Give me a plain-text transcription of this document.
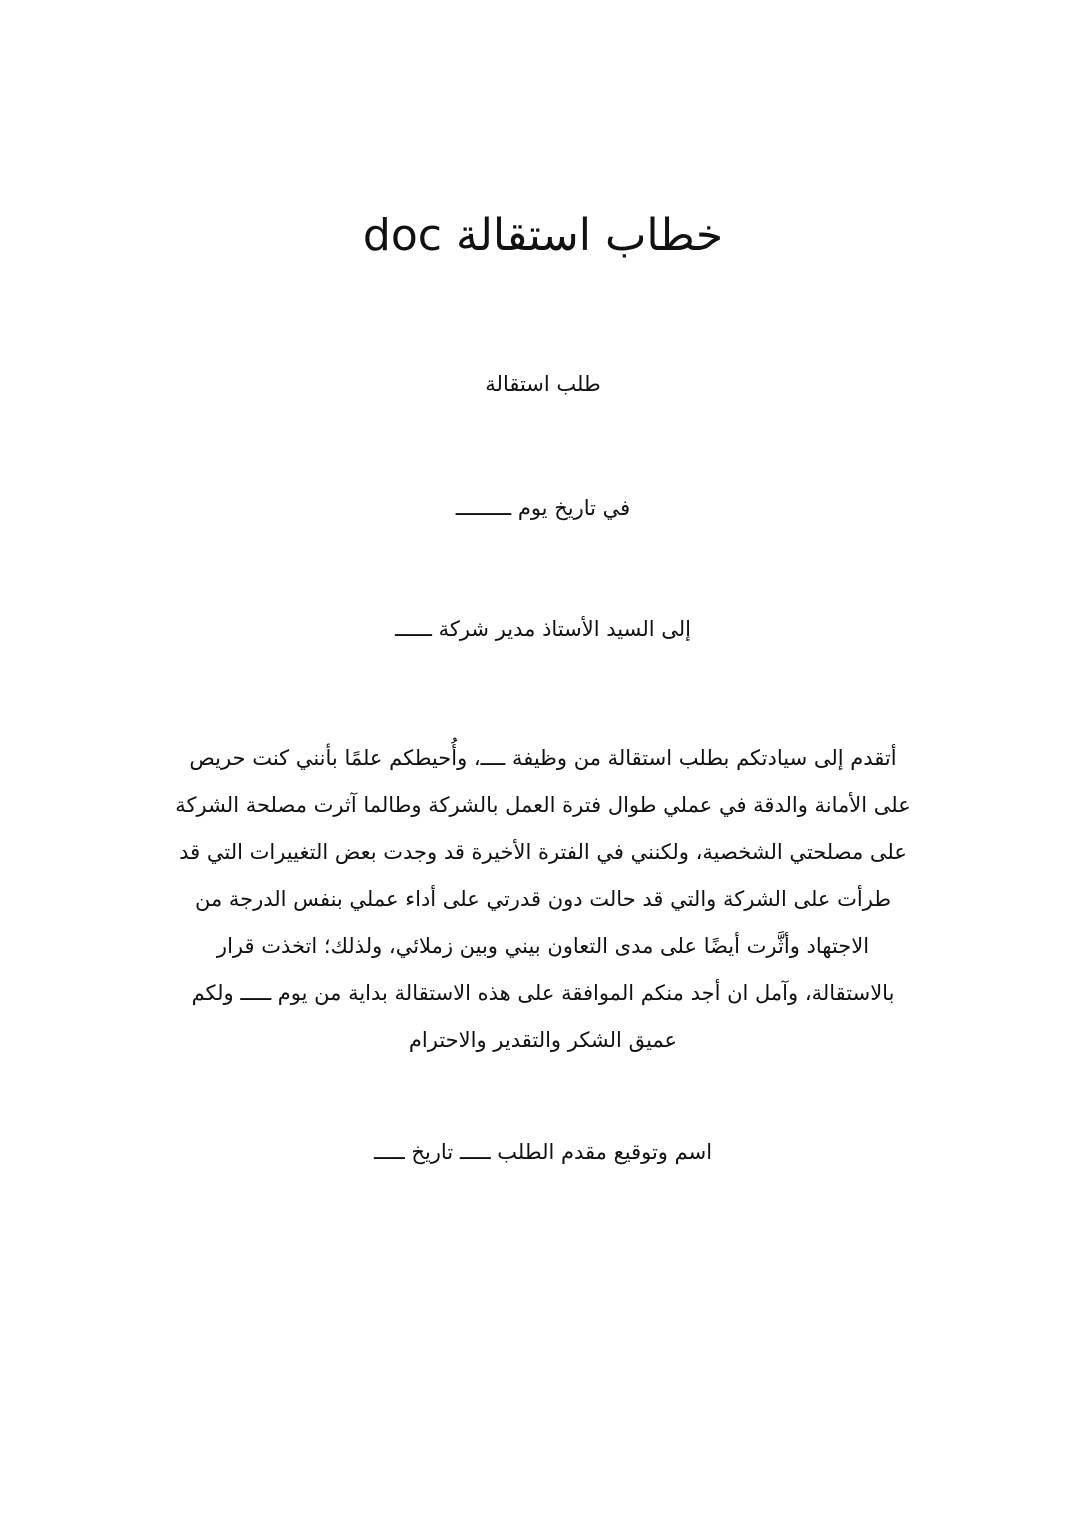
خطاب استقالة doc

طلب استقالة

في تاريخ يوم ـــــــــ

إلى السيد الأستاذ مدير شركة ــــــ

أتقدم إلى سيادتكم بطلب استقالة من وظيفة ــــ، وأُحيطكم علمًا بأنني كنت حريص على الأمانة والدقة في عملي طوال فترة العمل بالشركة وطالما آثرت مصلحة الشركة على مصلحتي الشخصية، ولكنني في الفترة الأخيرة قد وجدت بعض التغييرات التي قد طرأت على الشركة والتي قد حالت دون قدرتي على أداء عملي بنفس الدرجة من الاجتهاد وأثَّرت أيضًا على مدى التعاون بيني وبين زملائي، ولذلك؛ اتخذت قرار بالاستقالة، وآمل ان أجد منكم الموافقة على هذه الاستقالة بداية من يوم ـــــ ولكم عميق الشكر والتقدير والاحترام

اسم وتوقيع مقدم الطلب ـــــ تاريخ ـــــ
